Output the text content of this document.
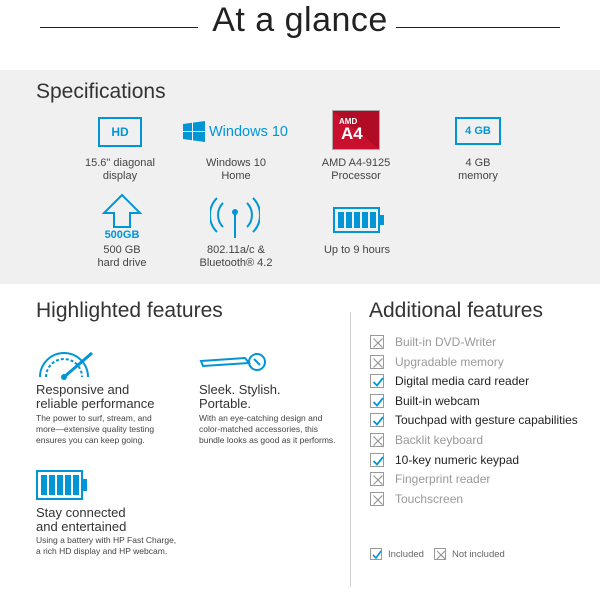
At a glance
Specifications
HD
15.6" diagonal
display
Windows 10
Windows 10
Home
AMD
A4
AMD A4-9125
Processor
4 GB
4 GB
memory
500GB
500 GB
hard drive
802.11a/c &
Bluetooth® 4.2
Up to 9 hours
Highlighted features
Responsive and
reliable performance
The power to surf, stream, and
more—extensive quality testing
ensures you can keep going.
Sleek. Stylish.
Portable.
With an eye-catching design and
color-matched accessories, this
bundle looks as good as it performs.
Stay connected
and entertained
Using a battery with HP Fast Charge,
a rich HD display and HP webcam.
Additional features
Built-in DVD-Writer
Upgradable memory
Digital media card reader
Built-in webcam
Touchpad with gesture capabilities
Backlit keyboard
10-key numeric keypad
Fingerprint reader
Touchscreen
Included	Not included
